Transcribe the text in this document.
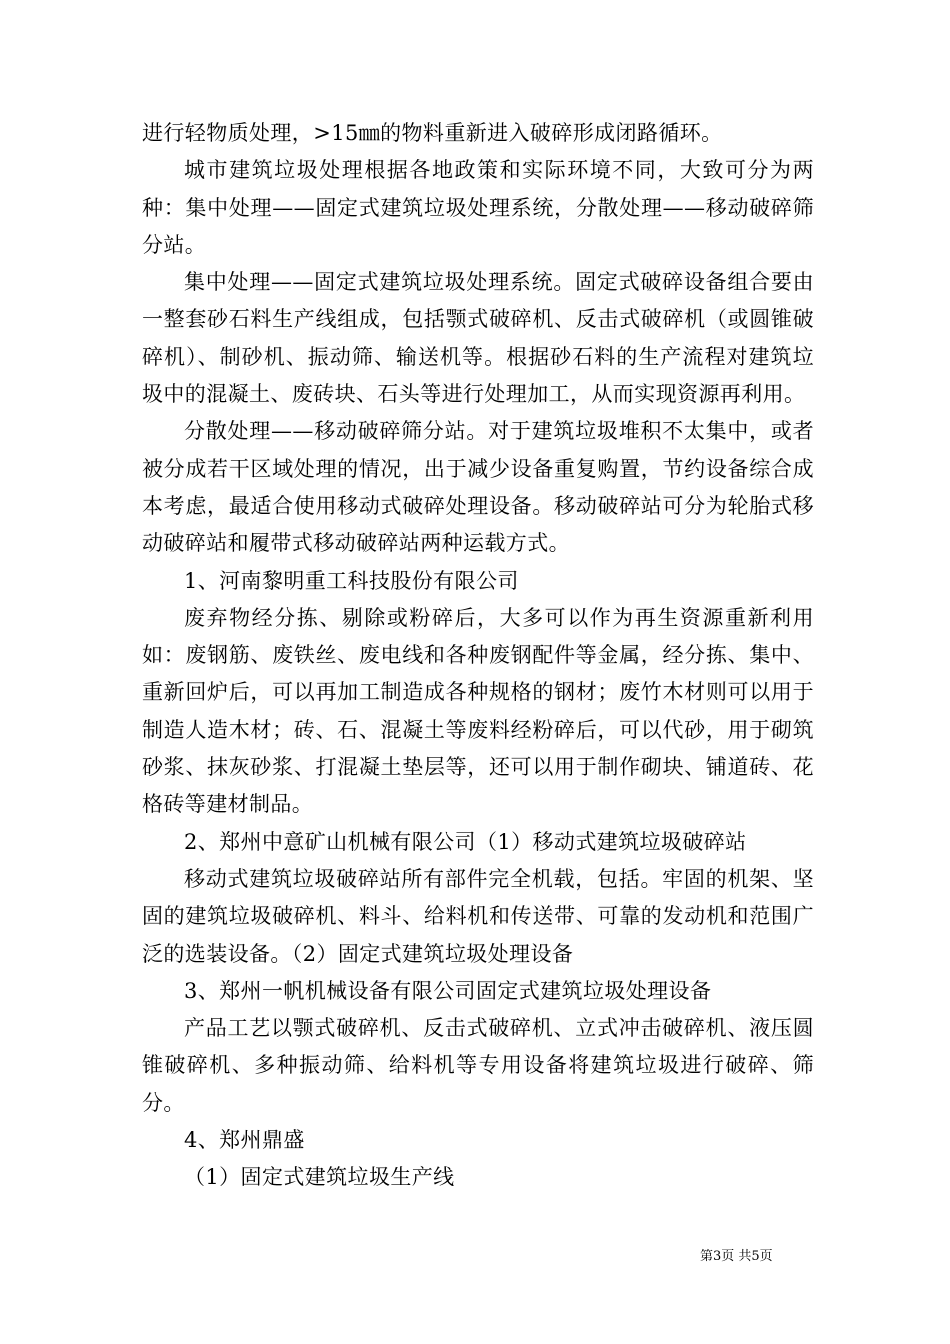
进行轻物质处理，>15㎜的物料重新进入破碎形成闭路循环。

城市建筑垃圾处理根据各地政策和实际环境不同，大致可分为两种：集中处理——固定式建筑垃圾处理系统，分散处理——移动破碎筛分站。

集中处理——固定式建筑垃圾处理系统。固定式破碎设备组合要由一整套砂石料生产线组成，包括颚式破碎机、反击式破碎机（或圆锥破碎机）、制砂机、振动筛、输送机等。根据砂石料的生产流程对建筑垃圾中的混凝土、废砖块、石头等进行处理加工，从而实现资源再利用。

分散处理——移动破碎筛分站。对于建筑垃圾堆积不太集中，或者被分成若干区域处理的情况，出于减少设备重复购置，节约设备综合成本考虑，最适合使用移动式破碎处理设备。移动破碎站可分为轮胎式移动破碎站和履带式移动破碎站两种运载方式。

1、河南黎明重工科技股份有限公司

废弃物经分拣、剔除或粉碎后，大多可以作为再生资源重新利用如：废钢筋、废铁丝、废电线和各种废钢配件等金属，经分拣、集中、重新回炉后，可以再加工制造成各种规格的钢材；废竹木材则可以用于制造人造木材；砖、石、混凝土等废料经粉碎后，可以代砂，用于砌筑砂浆、抹灰砂浆、打混凝土垫层等，还可以用于制作砌块、铺道砖、花格砖等建材制品。

2、郑州中意矿山机械有限公司（1）移动式建筑垃圾破碎站

移动式建筑垃圾破碎站所有部件完全机载，包括。牢固的机架、坚固的建筑垃圾破碎机、料斗、给料机和传送带、可靠的发动机和范围广泛的选装设备。（2）固定式建筑垃圾处理设备

3、郑州一帆机械设备有限公司固定式建筑垃圾处理设备

产品工艺以颚式破碎机、反击式破碎机、立式冲击破碎机、液压圆锥破碎机、多种振动筛、给料机等专用设备将建筑垃圾进行破碎、筛分。

4、郑州鼎盛

（1）固定式建筑垃圾生产线

第3页 共5页
